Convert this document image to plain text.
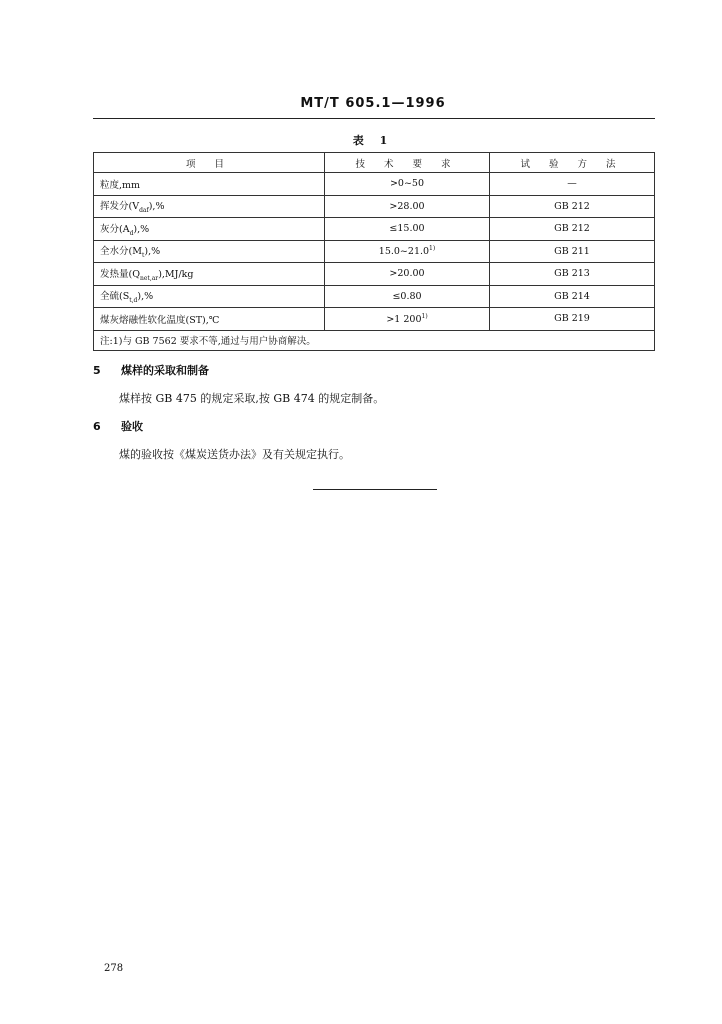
MT/T 605.1—1996
表 1
项 目	技 术 要 求	试 验 方 法
粒度,mm	>0~50	—
挥发分$(V_{daf}),\%$	>28.00	GB 212
灰分$(A_d),\%$	≤15.00	GB 212
全水分$(M_t),\%$	15.0~21.0$^{1)}$	GB 211
发热量$(Q_{net,ar}),MJ/kg$	>20.00	GB 213
全硫$(S_{t,d}),\%$	≤0.80	GB 214
煤灰熔融性软化温度(ST),℃	>1 200$^{1)}$	GB 219
注:1)与 GB 7562 要求不等,通过与用户协商解决。		
5 煤样的采取和制备
煤样按 GB 475 的规定采取,按 GB 474 的规定制备。
6 验收
煤的验收按《煤炭送货办法》及有关规定执行。
278
